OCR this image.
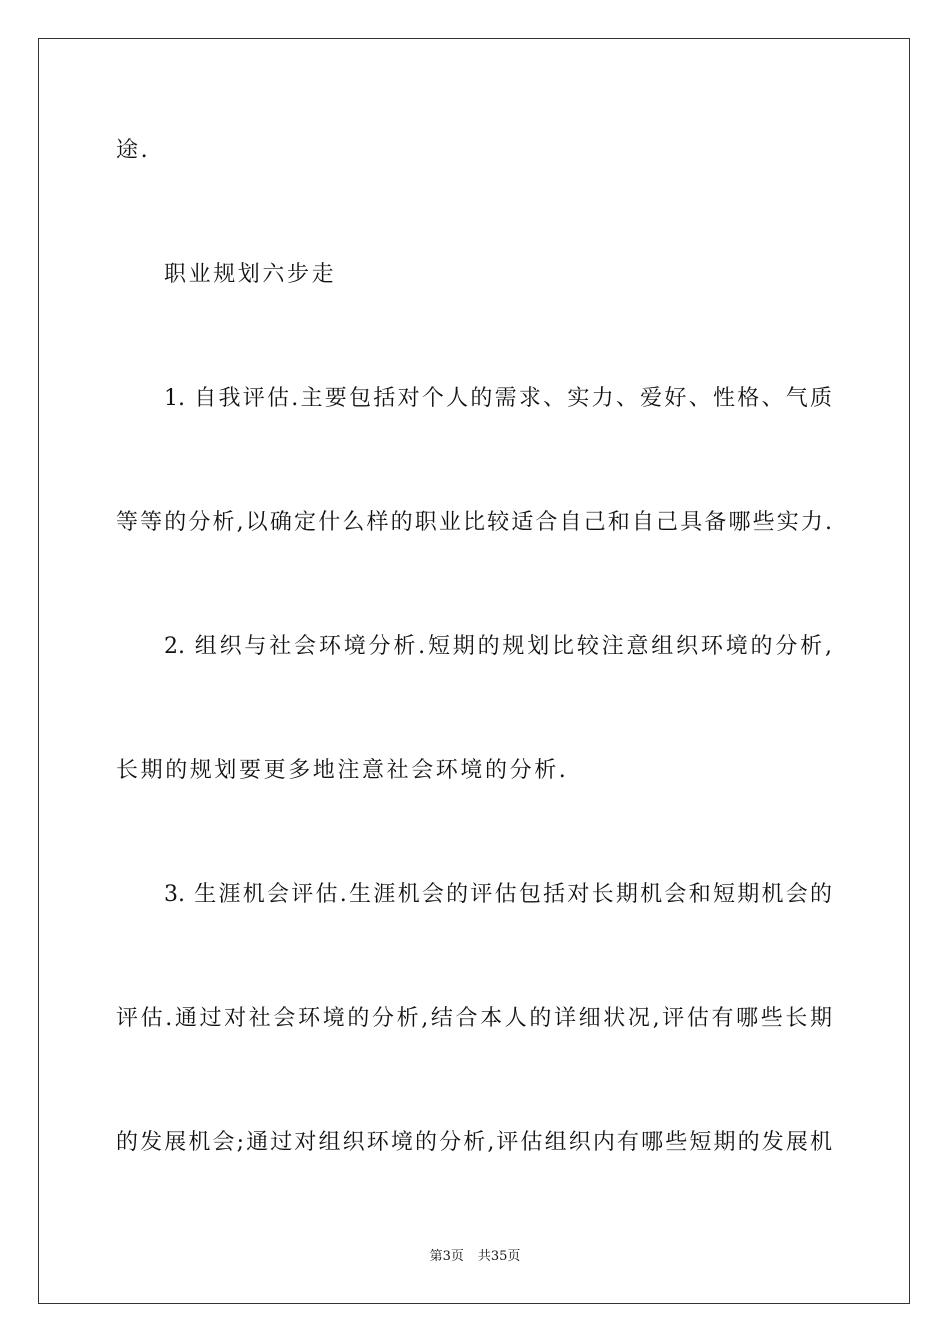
途.
职业规划六步走
1. 自我评估.主要包括对个人的需求、实力、爱好、性格、气质
等等的分析,以确定什么样的职业比较适合自己和自己具备哪些实力.
2. 组织与社会环境分析.短期的规划比较注意组织环境的分析,
长期的规划要更多地注意社会环境的分析.
3. 生涯机会评估.生涯机会的评估包括对长期机会和短期机会的
评估.通过对社会环境的分析,结合本人的详细状况,评估有哪些长期
的发展机会;通过对组织环境的分析,评估组织内有哪些短期的发展机
第3页 共35页
